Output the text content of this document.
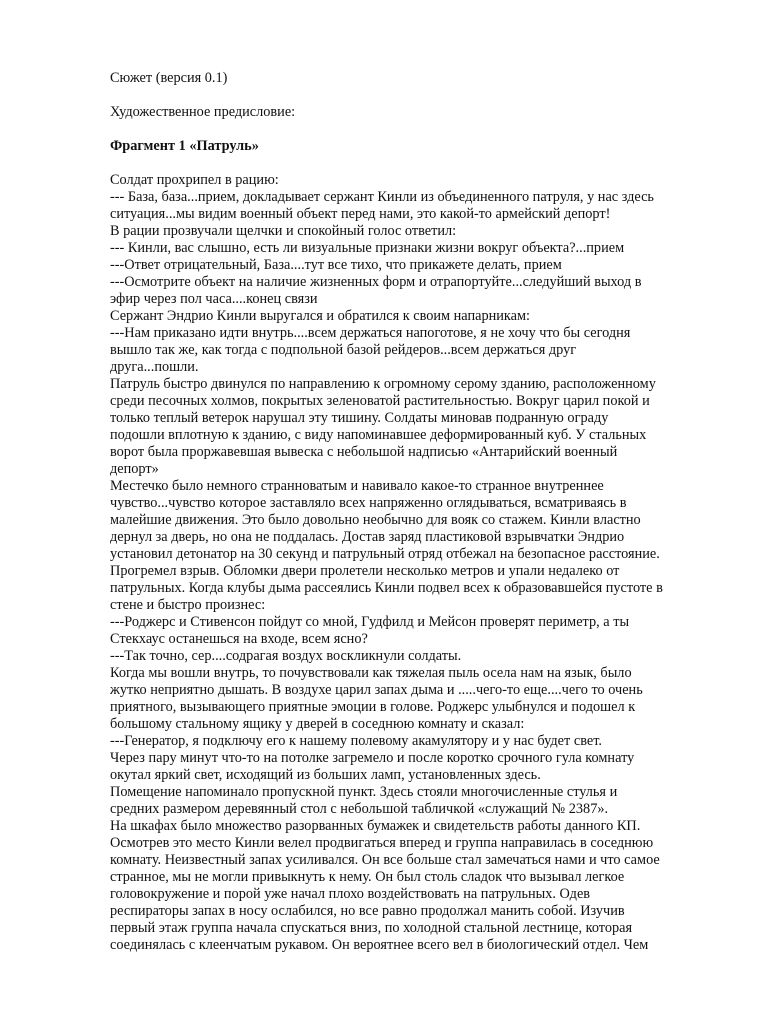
Сюжет (версия 0.1)
Художественное предисловие:
Фрагмент 1 «Патруль»
Солдат прохрипел в рацию:
--- База, база...прием, докладывает сержант Кинли из объединенного патруля, у нас здесь
ситуация...мы видим военный объект перед нами, это какой-то армейский депорт!
В рации прозвучали щелчки и спокойный голос ответил:
--- Кинли, вас слышно, есть ли визуальные признаки жизни вокруг объекта?...прием
---Ответ отрицательный, База....тут все тихо, что прикажете делать, прием
---Осмотрите объект на наличие жизненных форм и отрапортуйте...следуйший выход в
эфир через пол часа....конец связи
Сержант Эндрио Кинли выругался и обратился к своим напарникам:
---Нам приказано идти внутрь....всем держаться напоготове, я не хочу что бы сегодня
вышло так же, как тогда с подпольной базой рейдеров...всем держаться друг
друга...пошли.
Патруль быстро двинулся по направлению к огромному серому зданию, расположенному
среди песочных холмов, покрытых зеленоватой растительностью. Вокруг царил покой и
только теплый ветерок нарушал эту тишину. Солдаты миновав подранную ограду
подошли вплотную к зданию, с виду напоминавшее деформированный куб. У стальных
ворот была проржавевшая вывеска с небольшой надписью «Антарийский военный
депорт»
Местечко было немного странноватым и навивало какое-то странное внутреннее
чувство...чувство которое заставляло всех напряженно оглядываться, всматриваясь в
малейшие движения. Это было довольно необычно для вояк со стажем. Кинли властно
дернул за дверь, но она не поддалась. Достав заряд пластиковой взрывчатки Эндрио
установил детонатор на 30 секунд и патрульный отряд отбежал на безопасное расстояние.
Прогремел взрыв. Обломки двери пролетели несколько метров и упали недалеко от
патрульных. Когда клубы дыма рассеялись Кинли подвел всех к образовавшейся пустоте в
стене и быстро произнес:
---Роджерс и Стивенсон пойдут со мной, Гудфилд и Мейсон проверят периметр, а ты
Стекхаус останешься на входе, всем ясно?
---Так точно, сер....содрагая воздух воскликнули солдаты.
Когда мы вошли внутрь, то почувствовали как тяжелая пыль осела нам на язык, было
жутко неприятно дышать. В воздухе царил запах дыма и .....чего-то еще....чего то очень
приятного, вызывающего приятные эмоции в голове. Роджерс улыбнулся и подошел к
большому стальному ящику у дверей в соседнюю комнату и сказал:
---Генератор, я подключу его к нашему полевому акамулятору и у нас будет свет.
Через пару минут что-то на потолке загремело и после коротко срочного гула комнату
окутал яркий свет, исходящий из больших ламп, установленных здесь.
Помещение напоминало пропускной пункт. Здесь стояли многочисленные стулья и
средних размером деревянный стол с небольшой табличкой «служащий № 2387».
На шкафах было множество разорванных бумажек и свидетельств работы данного КП.
Осмотрев это место Кинли велел продвигаться вперед и группа направилась в соседнюю
комнату. Неизвестный запах усиливался. Он все больше стал замечаться нами и что самое
странное, мы не могли привыкнуть к нему. Он был столь сладок что вызывал легкое
головокружение и порой уже начал плохо воздействовать на патрульных. Одев
респираторы запах в носу ослабился, но все равно продолжал манить собой. Изучив
первый этаж группа начала спускаться вниз, по холодной стальной лестнице, которая
соединялась с клеенчатым рукавом. Он вероятнее всего вел в биологический отдел. Чем
